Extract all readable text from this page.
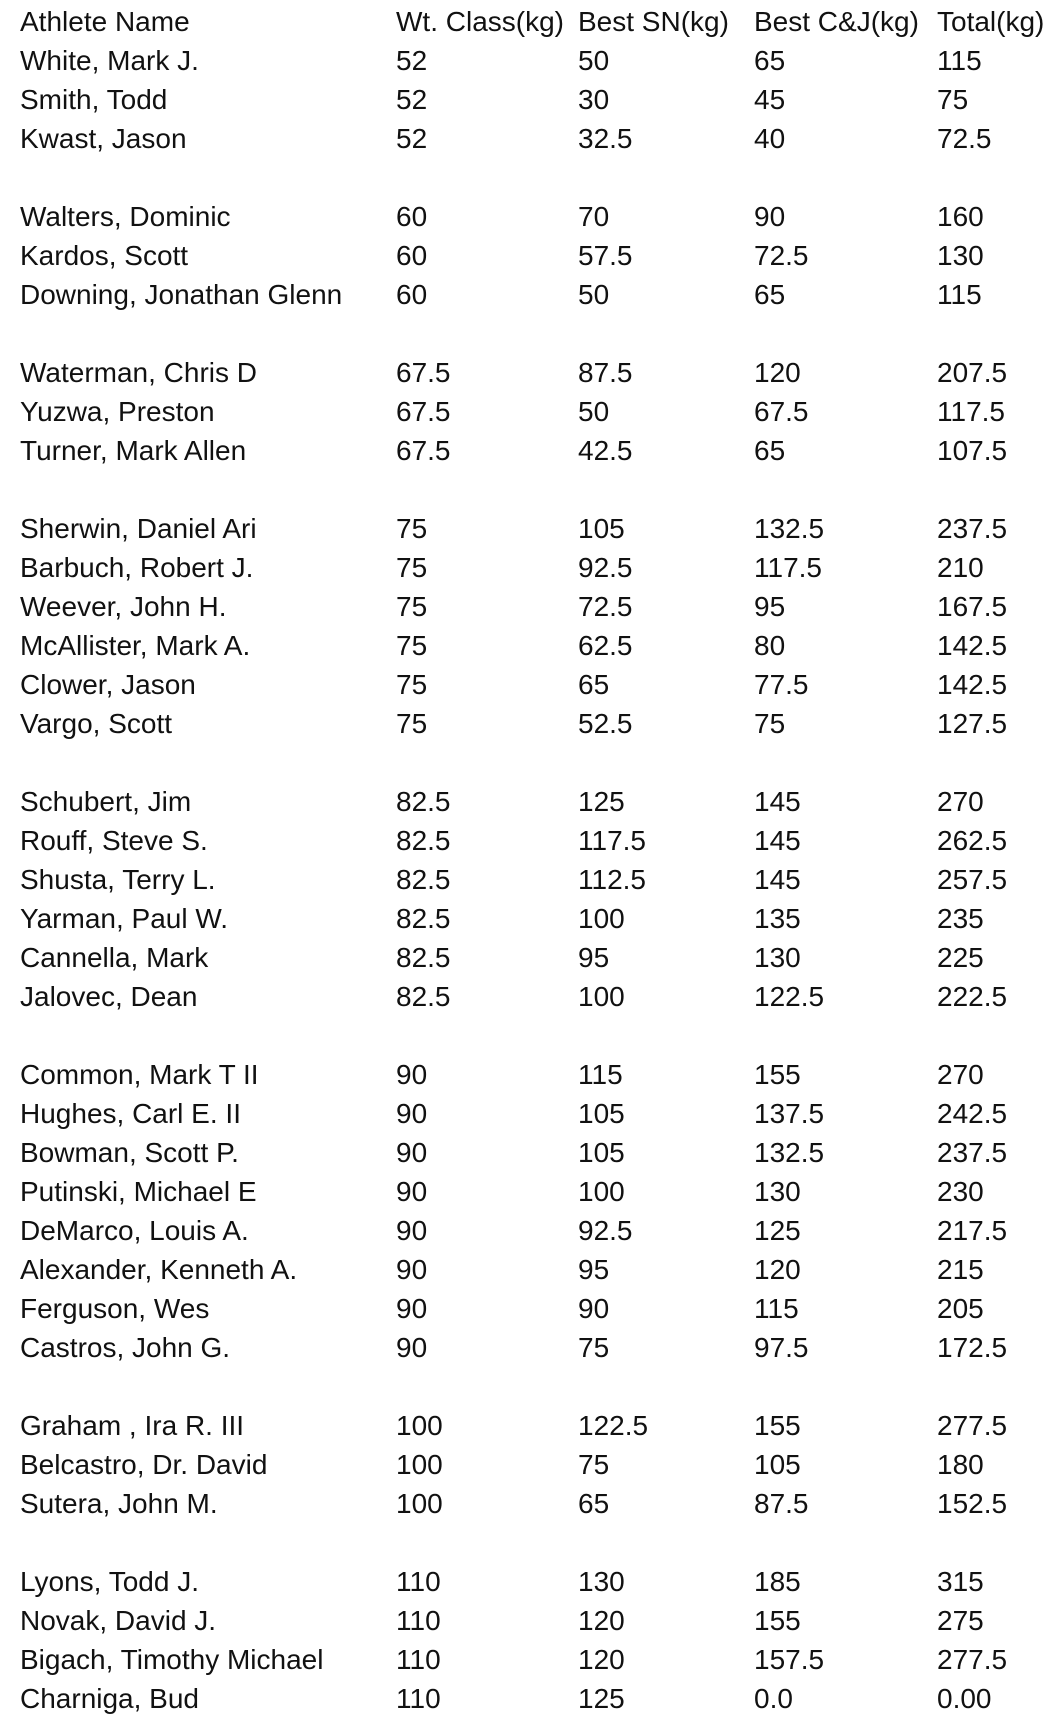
Athlete Name	Wt. Class(kg)	Best SN(kg)	Best C&J(kg)	Total(kg)
White, Mark J.	52	50	65	115
Smith, Todd	52	30	45	75
Kwast, Jason	52	32.5	40	72.5

Walters, Dominic	60	70	90	160
Kardos, Scott	60	57.5	72.5	130
Downing, Jonathan Glenn	60	50	65	115

Waterman, Chris D	67.5	87.5	120	207.5
Yuzwa, Preston	67.5	50	67.5	117.5
Turner, Mark Allen	67.5	42.5	65	107.5

Sherwin, Daniel Ari	75	105	132.5	237.5
Barbuch, Robert J.	75	92.5	117.5	210
Weever, John H.	75	72.5	95	167.5
McAllister, Mark A.	75	62.5	80	142.5
Clower, Jason	75	65	77.5	142.5
Vargo, Scott	75	52.5	75	127.5

Schubert, Jim	82.5	125	145	270
Rouff, Steve S.	82.5	117.5	145	262.5
Shusta, Terry L.	82.5	112.5	145	257.5
Yarman, Paul W.	82.5	100	135	235
Cannella, Mark	82.5	95	130	225
Jalovec, Dean	82.5	100	122.5	222.5

Common, Mark T II	90	115	155	270
Hughes, Carl E. II	90	105	137.5	242.5
Bowman, Scott P.	90	105	132.5	237.5
Putinski, Michael E	90	100	130	230
DeMarco, Louis A.	90	92.5	125	217.5
Alexander, Kenneth A.	90	95	120	215
Ferguson, Wes	90	90	115	205
Castros, John G.	90	75	97.5	172.5

Graham , Ira R. III	100	122.5	155	277.5
Belcastro, Dr. David	100	75	105	180
Sutera, John M.	100	65	87.5	152.5

Lyons, Todd J.	110	130	185	315
Novak, David J.	110	120	155	275
Bigach, Timothy Michael	110	120	157.5	277.5
Charniga, Bud	110	125	0.0	0.00
